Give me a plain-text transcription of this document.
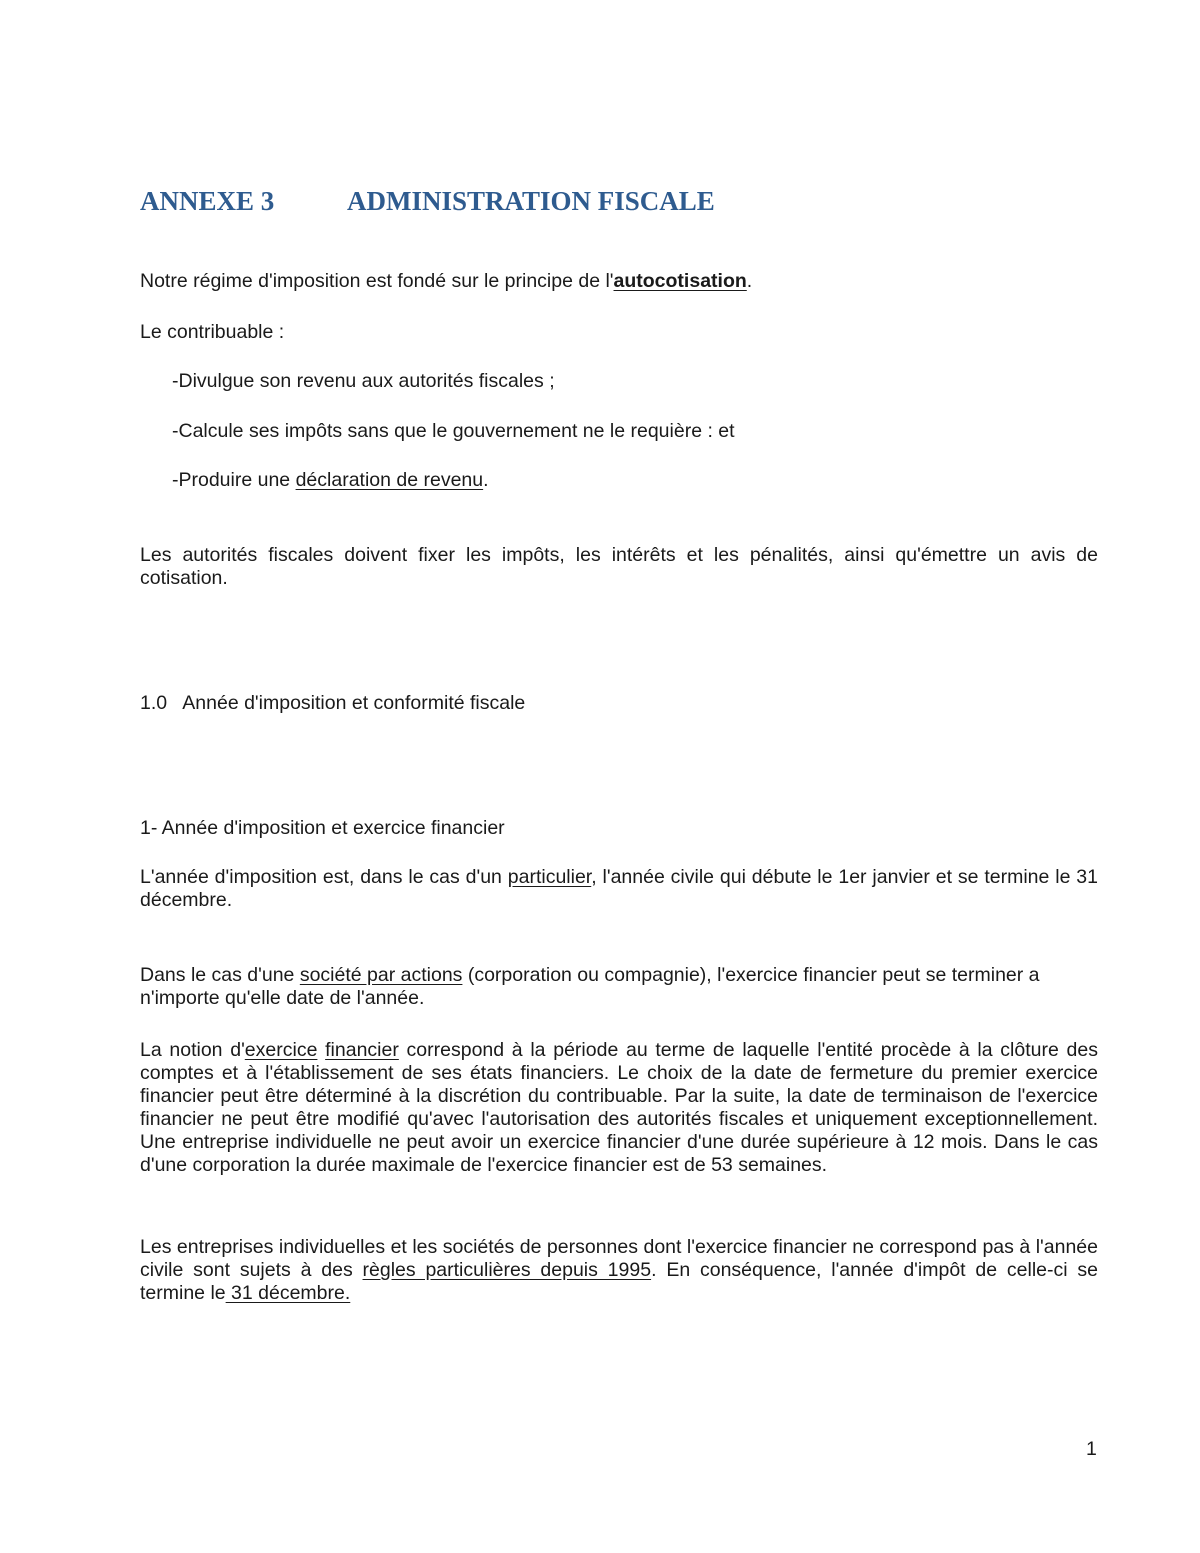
ANNEXE 3	ADMINISTRATION FISCALE

Notre régime d'imposition est fondé sur le principe de l'autocotisation.

Le contribuable :

-Divulgue son revenu aux autorités fiscales ;

-Calcule ses impôts sans que le gouvernement ne le requière : et

-Produire une déclaration de revenu.

Les autorités fiscales doivent fixer les impôts, les intérêts et les pénalités, ainsi qu'émettre un avis de cotisation.

1.0   Année d'imposition et conformité fiscale

1- Année d'imposition et exercice financier

L'année d'imposition est, dans le cas d'un particulier, l'année civile qui débute le 1er janvier et se termine le 31 décembre.

Dans le cas d'une société par actions (corporation ou compagnie), l'exercice financier peut se terminer a n'importe qu'elle date de l'année.

La notion d'exercice financier correspond à la période au terme de laquelle l'entité procède à la clôture des comptes et à l'établissement de ses états financiers. Le choix de la date de fermeture du premier exercice financier peut être déterminé à la discrétion du contribuable. Par la suite, la date de terminaison de l'exercice financier ne peut être modifié qu'avec l'autorisation des autorités fiscales et uniquement exceptionnellement. Une entreprise individuelle ne peut avoir un exercice financier d'une durée supérieure à 12 mois. Dans le cas d'une corporation la durée maximale de l'exercice financier est de 53 semaines.

Les entreprises individuelles et les sociétés de personnes dont l'exercice financier ne correspond pas à l'année civile sont sujets à des règles particulières depuis 1995. En conséquence, l'année d'impôt de celle-ci se termine le 31 décembre.

1
